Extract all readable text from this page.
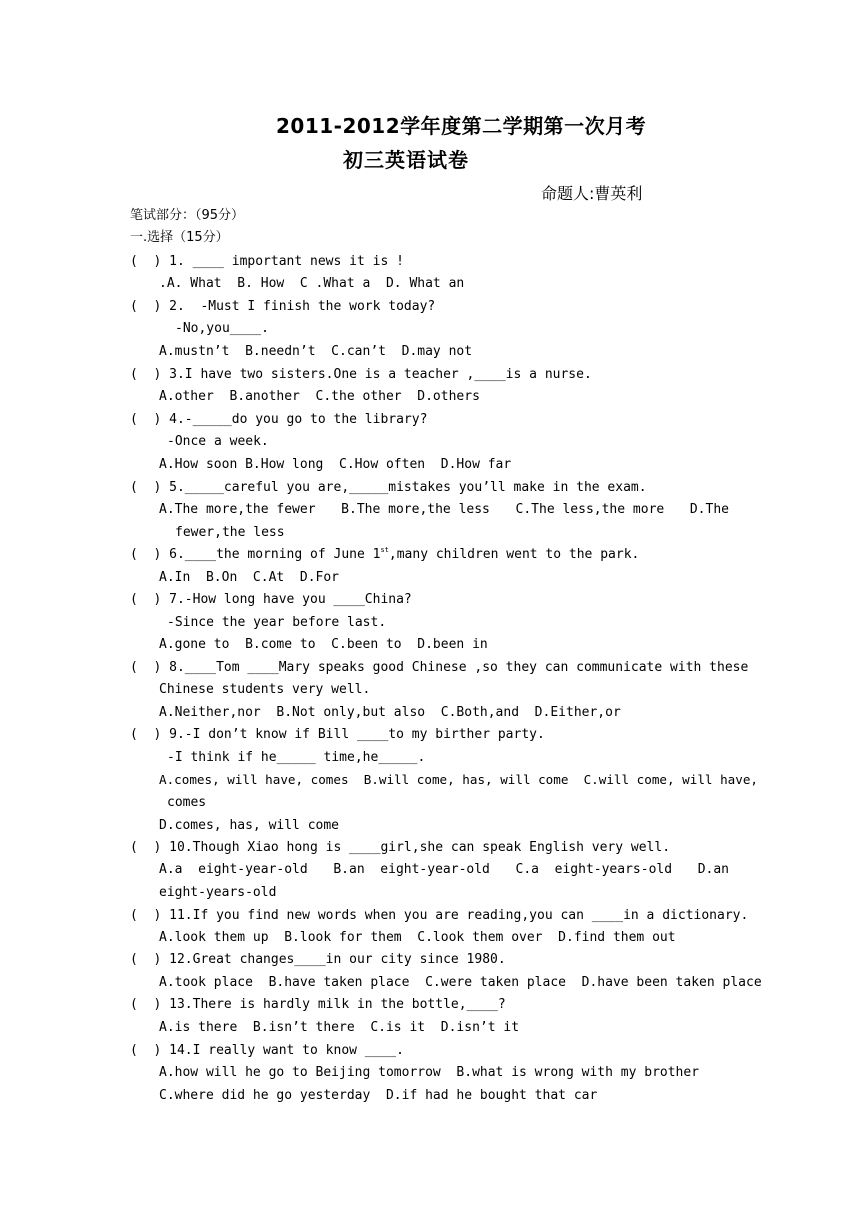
2011-2012学年度第二学期第一次月考
初三英语试卷
命题人:曹英利
笔试部分：（95分）
一.选择（15分）
(  ) 1. ____ important news it is !
.A. What  B. How  C .What a  D. What an
(  ) 2.  -Must I finish the work today?
-No,you____.
A.mustn’t  B.needn’t  C.can’t  D.may not
(  ) 3.I have two sisters.One is a teacher ,____is a nurse.
A.other  B.another  C.the other  D.others
(  ) 4.-_____do you go to the library?
-Once a week.
A.How soon B.How long  C.How often  D.How far
(  ) 5._____careful you are,_____mistakes you’ll make in the exam.
A.The more,the fewer B.The more,the less C.The less,the more D.The
fewer,the less
(  ) 6.____the morning of June 1st,many children went to the park.
A.In  B.On  C.At  D.For
(  ) 7.-How long have you ____China?
-Since the year before last.
A.gone to  B.come to  C.been to  D.been in
(  ) 8.____Tom ____Mary speaks good Chinese ,so they can communicate with these
Chinese students very well.
A.Neither,nor  B.Not only,but also  C.Both,and  D.Either,or
(  ) 9.-I don’t know if Bill ____to my birther party.
-I think if he_____ time,he_____.
A.comes, will have, comes  B.will come, has, will come  C.will come, will have,
comes
D.comes, has, will come
(  ) 10.Though Xiao hong is ____girl,she can speak English very well.
A.a  eight-year-old B.an  eight-year-old C.a  eight-years-old D.an
eight-years-old
(  ) 11.If you find new words when you are reading,you can ____in a dictionary.
A.look them up  B.look for them  C.look them over  D.find them out
(  ) 12.Great changes____in our city since 1980.
A.took place  B.have taken place  C.were taken place  D.have been taken place
(  ) 13.There is hardly milk in the bottle,____?
A.is there  B.isn’t there  C.is it  D.isn’t it
(  ) 14.I really want to know ____.
A.how will he go to Beijing tomorrow  B.what is wrong with my brother
C.where did he go yesterday  D.if had he bought that car
